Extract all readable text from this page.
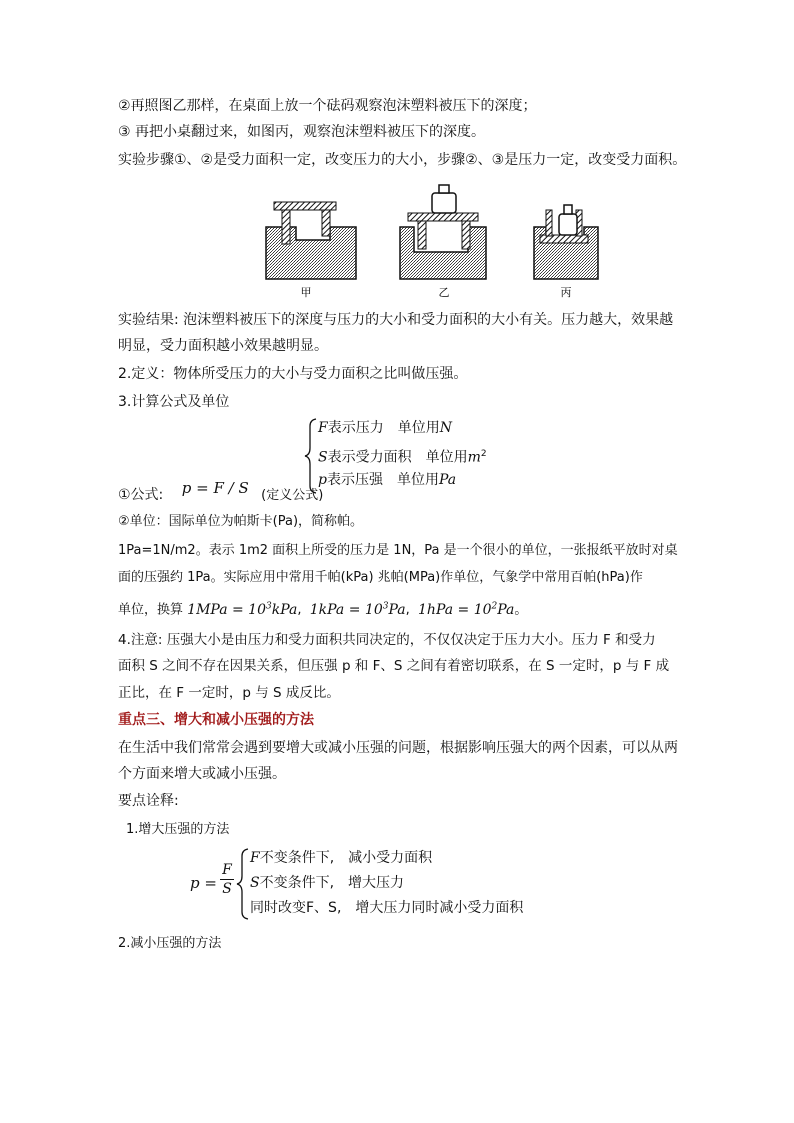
②再照图乙那样，在桌面上放一个砝码观察泡沫塑料被压下的深度；
③ 再把小桌翻过来，如图丙，观察泡沫塑料被压下的深度。
实验步骤①、②是受力面积一定，改变压力的大小，步骤②、③是压力一定，改变受力面积。
甲	乙	丙
实验结果: 泡沫塑料被压下的深度与压力的大小和受力面积的大小有关。压力越大，效果越
明显，受力面积越小效果越明显。
2.定义：物体所受压力的大小与受力面积之比叫做压强。
3.计算公式及单位
F表示压力　单位用N
S表示受力面积　单位用$m^2$
p表示压强　单位用Pa
①公式: p = F / S (定义公式)
②单位：国际单位为帕斯卡(Pa)，简称帕。
1Pa=1N/m2。表示 1m2 面积上所受的压力是 1N，Pa 是一个很小的单位，一张报纸平放时对桌
面的压强约 1Pa。实际应用中常用千帕(kPa) 兆帕(MPa)作单位，气象学中常用百帕(hPa)作
单位，换算 $1MPa = 10^3kPa$,  $1kPa = 10^3Pa$,  $1hPa = 10^2Pa$。
4.注意: 压强大小是由压力和受力面积共同决定的，不仅仅决定于压力大小。压力 F 和受力
面积 S 之间不存在因果关系，但压强 p 和 F、S 之间有着密切联系，在 S 一定时，p 与 F 成
正比，在 F 一定时，p 与 S 成反比。
重点三、增大和减小压强的方法
在生活中我们常常会遇到要增大或减小压强的问题，根据影响压强大的两个因素，可以从两
个方面来增大或减小压强。
要点诠释:
1.增大压强的方法
p =
F
S
F不变条件下,　减小受力面积
S不变条件下,　增大压力
同时改变F、S,　增大压力同时减小受力面积
2.减小压强的方法
